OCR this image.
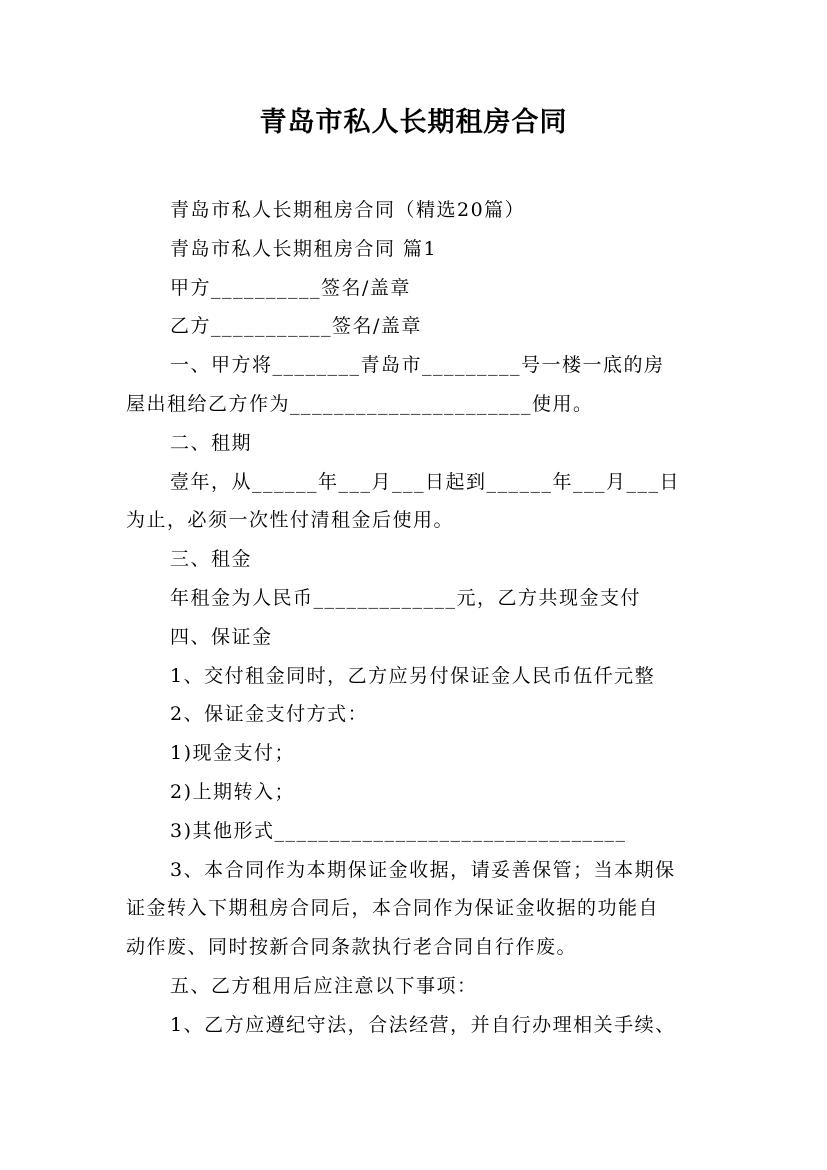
青岛市私人长期租房合同
青岛市私人长期租房合同（精选20篇）
青岛市私人长期租房合同 篇1
甲方__________签名/盖章
乙方___________签名/盖章
一、甲方将________青岛市_________号一楼一底的房
屋出租给乙方作为______________________使用。
二、租期
壹年，从______年___月___日起到______年___月___日
为止，必须一次性付清租金后使用。
三、租金
年租金为人民币_____________元，乙方共现金支付
四、保证金
1、交付租金同时，乙方应另付保证金人民币伍仟元整
2、保证金支付方式：
1)现金支付；
2)上期转入；
3)其他形式________________________________
3、本合同作为本期保证金收据，请妥善保管；当本期保
证金转入下期租房合同后，本合同作为保证金收据的功能自
动作废、同时按新合同条款执行老合同自行作废。
五、乙方租用后应注意以下事项：
1、乙方应遵纪守法，合法经营，并自行办理相关手续、
